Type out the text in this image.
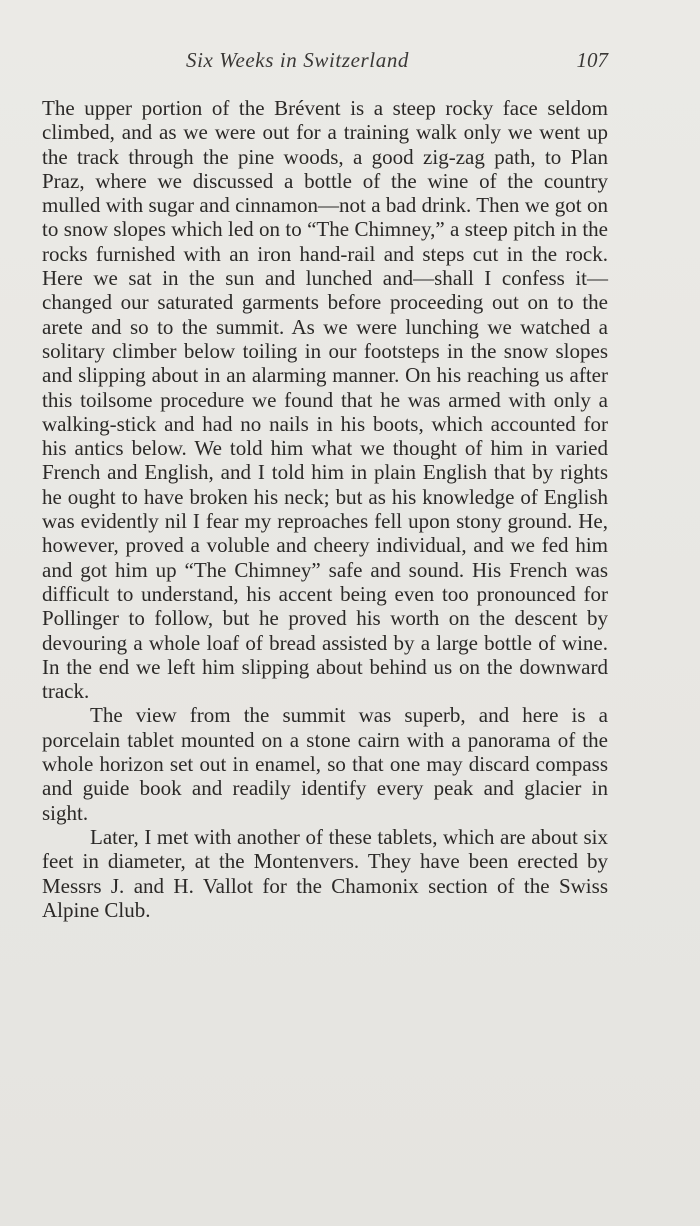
Six Weeks in Switzerland	107

The upper portion of the Brévent is a steep rocky face seldom climbed, and as we were out for a training walk only we went up the track through the pine woods, a good zig-zag path, to Plan Praz, where we discussed a bottle of the wine of the country mulled with sugar and cinnamon—not a bad drink. Then we got on to snow slopes which led on to “The Chimney,” a steep pitch in the rocks furnished with an iron hand-rail and steps cut in the rock. Here we sat in the sun and lunched and—shall I confess it—changed our saturated garments before proceeding out on to the arete and so to the summit. As we were lunching we watched a solitary climber below toiling in our footsteps in the snow slopes and slipping about in an alarming manner. On his reaching us after this toilsome procedure we found that he was armed with only a walking-stick and had no nails in his boots, which accounted for his antics below. We told him what we thought of him in varied French and English, and I told him in plain English that by rights he ought to have broken his neck; but as his knowledge of English was evidently nil I fear my reproaches fell upon stony ground. He, however, proved a voluble and cheery individual, and we fed him and got him up “The Chimney” safe and sound. His French was difficult to understand, his accent being even too pronounced for Pollinger to follow, but he proved his worth on the descent by devouring a whole loaf of bread assisted by a large bottle of wine. In the end we left him slipping about behind us on the downward track.

The view from the summit was superb, and here is a porcelain tablet mounted on a stone cairn with a panorama of the whole horizon set out in enamel, so that one may discard compass and guide book and readily identify every peak and glacier in sight.

Later, I met with another of these tablets, which are about six feet in diameter, at the Montenvers. They have been erected by Messrs J. and H. Vallot for the Chamonix section of the Swiss Alpine Club.
